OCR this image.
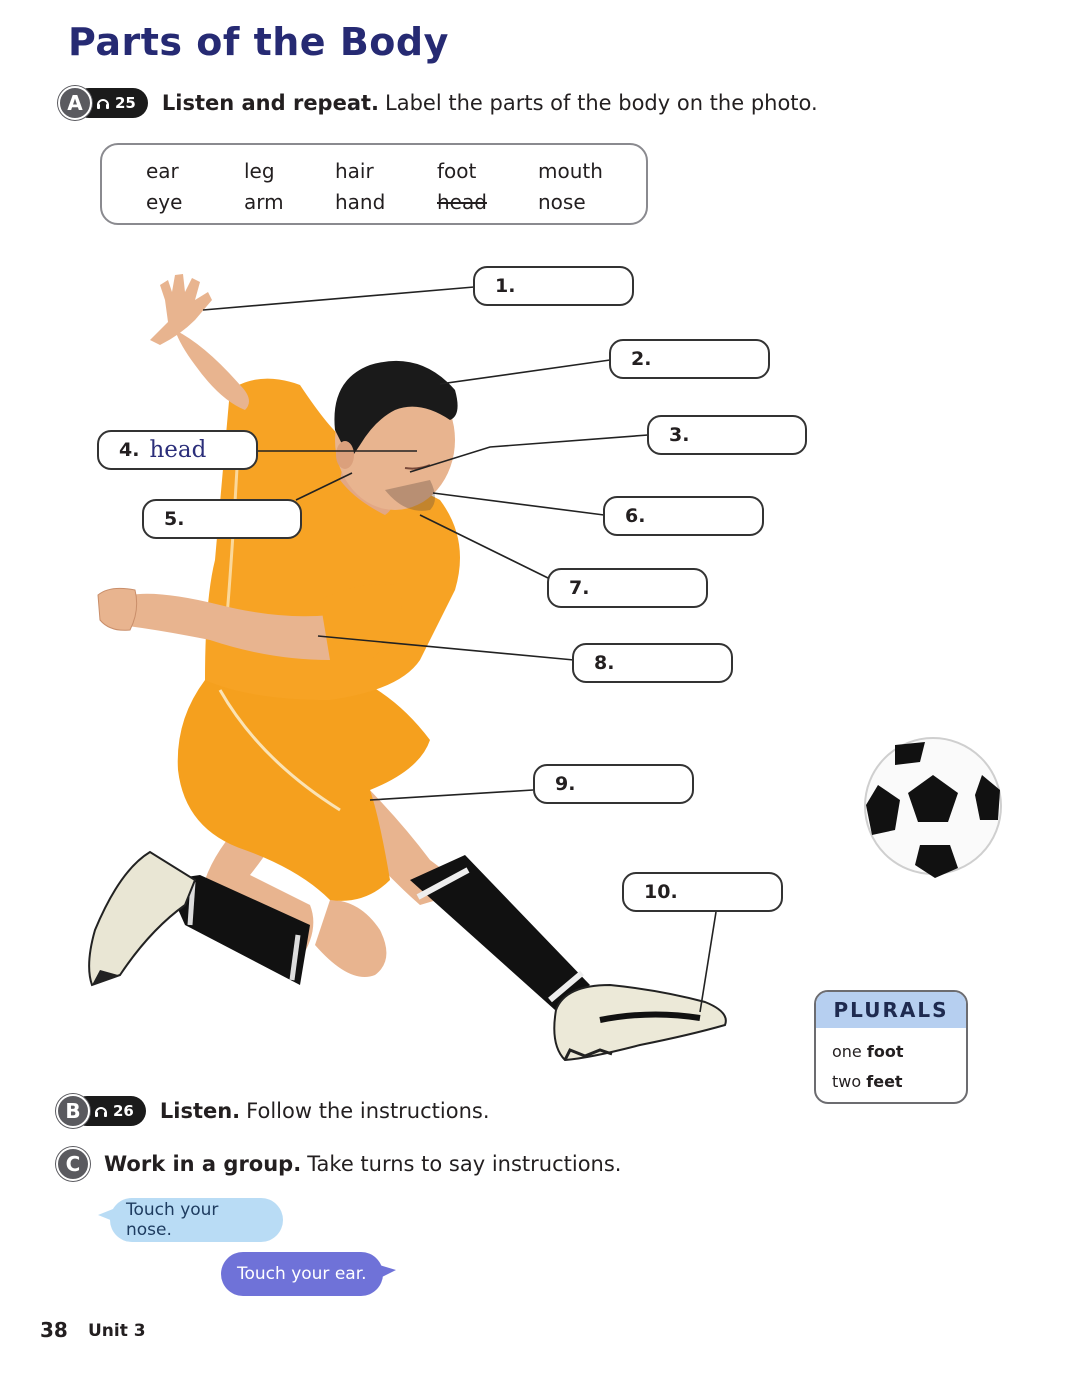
Parts of the Body
A	25 Listen and repeat. Label the parts of the body on the photo.
ear	leg	hair	foot	mouth
eye	arm	hand	head	nose
1.
2.
3.
4. head
5.	6.
7.
8.
9.
10.
PLURALS
one foot
two feet
B	26 Listen. Follow the instructions.
C	Work in a group. Take turns to say instructions.
Touch your nose.
Touch your ear.
38 Unit 3
